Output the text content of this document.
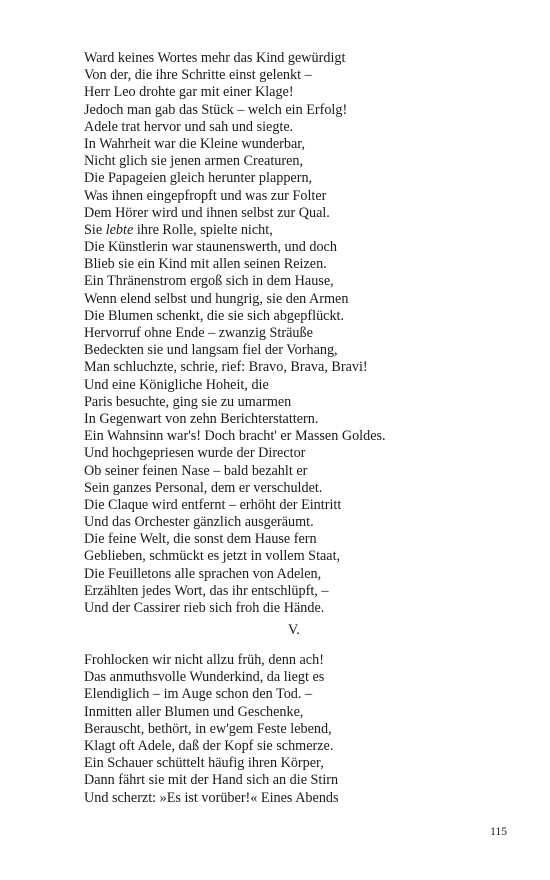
Ward keines Wortes mehr das Kind gewürdigt
Von der, die ihre Schritte einst gelenkt –
Herr Leo drohte gar mit einer Klage!
Jedoch man gab das Stück – welch ein Erfolg!
Adele trat hervor und sah und siegte.
In Wahrheit war die Kleine wunderbar,
Nicht glich sie jenen armen Creaturen,
Die Papageien gleich herunter plappern,
Was ihnen eingepfropft und was zur Folter
Dem Hörer wird und ihnen selbst zur Qual.
Sie lebte ihre Rolle, spielte nicht,
Die Künstlerin war staunenswerth, und doch
Blieb sie ein Kind mit allen seinen Reizen.
Ein Thränenstrom ergoß sich in dem Hause,
Wenn elend selbst und hungrig, sie den Armen
Die Blumen schenkt, die sie sich abgepflückt.
Hervorruf ohne Ende – zwanzig Sträuße
Bedeckten sie und langsam fiel der Vorhang,
Man schluchzte, schrie, rief: Bravo, Brava, Bravi!
Und eine Königliche Hoheit, die
Paris besuchte, ging sie zu umarmen
In Gegenwart von zehn Berichterstattern.
Ein Wahnsinn war's! Doch bracht' er Massen Goldes.
Und hochgepriesen wurde der Director
Ob seiner feinen Nase – bald bezahlt er
Sein ganzes Personal, dem er verschuldet.
Die Claque wird entfernt – erhöht der Eintritt
Und das Orchester gänzlich ausgeräumt.
Die feine Welt, die sonst dem Hause fern
Geblieben, schmückt es jetzt in vollem Staat,
Die Feuilletons alle sprachen von Adelen,
Erzählten jedes Wort, das ihr entschlüpft, –
Und der Cassirer rieb sich froh die Hände.
V.
Frohlocken wir nicht allzu früh, denn ach!
Das anmuthsvolle Wunderkind, da liegt es
Elendiglich – im Auge schon den Tod. –
Inmitten aller Blumen und Geschenke,
Berauscht, bethört, in ew'gem Feste lebend,
Klagt oft Adele, daß der Kopf sie schmerze.
Ein Schauer schüttelt häufig ihren Körper,
Dann fährt sie mit der Hand sich an die Stirn
Und scherzt: »Es ist vorüber!« Eines Abends
115
